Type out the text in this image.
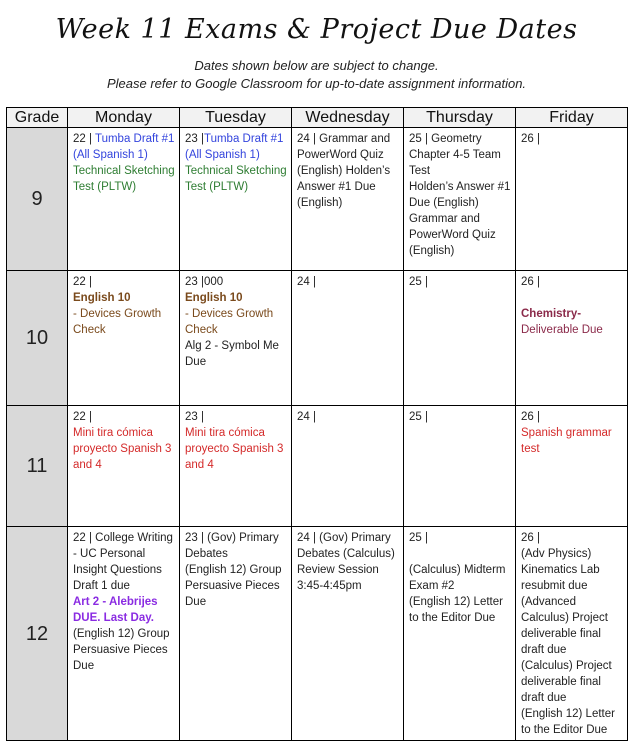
Week 11 Exams & Project Due Dates
Dates shown below are subject to change.
Please refer to Google Classroom for up-to-date assignment information.
Grade	Monday	Tuesday	Wednesday	Thursday	Friday
9	22 | Tumba Draft #1
(All Spanish 1)
Technical Sketching Test (PLTW)	23 |Tumba Draft #1
(All Spanish 1)
Technical Sketching Test (PLTW)	24 | Grammar and PowerWord Quiz (English) Holden’s Answer #1 Due (English)	25 | Geometry Chapter 4-5 Team Test
Holden’s Answer #1 Due (English)
Grammar and PowerWord Quiz (English)	26 |

10	22 |
English 10
- Devices Growth Check	23 |000
English 10
- Devices Growth Check
Alg 2 - Symbol Me Due	24 |	25 |	26 |

Chemistry-
Deliverable Due

11	22 |
Mini tira cómica proyecto Spanish 3 and 4	23 |
Mini tira cómica proyecto Spanish 3 and 4	24 |	25 |	26 |
Spanish grammar test

12	22 | College Writing - UC Personal Insight Questions Draft 1 due
Art 2 - Alebrijes DUE. Last Day.
(English 12) Group Persuasive Pieces Due	23 | (Gov) Primary Debates
(English 12) Group Persuasive Pieces Due	24 | (Gov) Primary Debates (Calculus) Review Session 3:45-4:45pm	25 |

(Calculus) Midterm Exam #2
(English 12) Letter to the Editor Due	26 |
(Adv Physics) Kinematics Lab resubmit due
(Advanced Calculus) Project deliverable final draft due
(Calculus) Project deliverable final draft due
(English 12) Letter to the Editor Due
